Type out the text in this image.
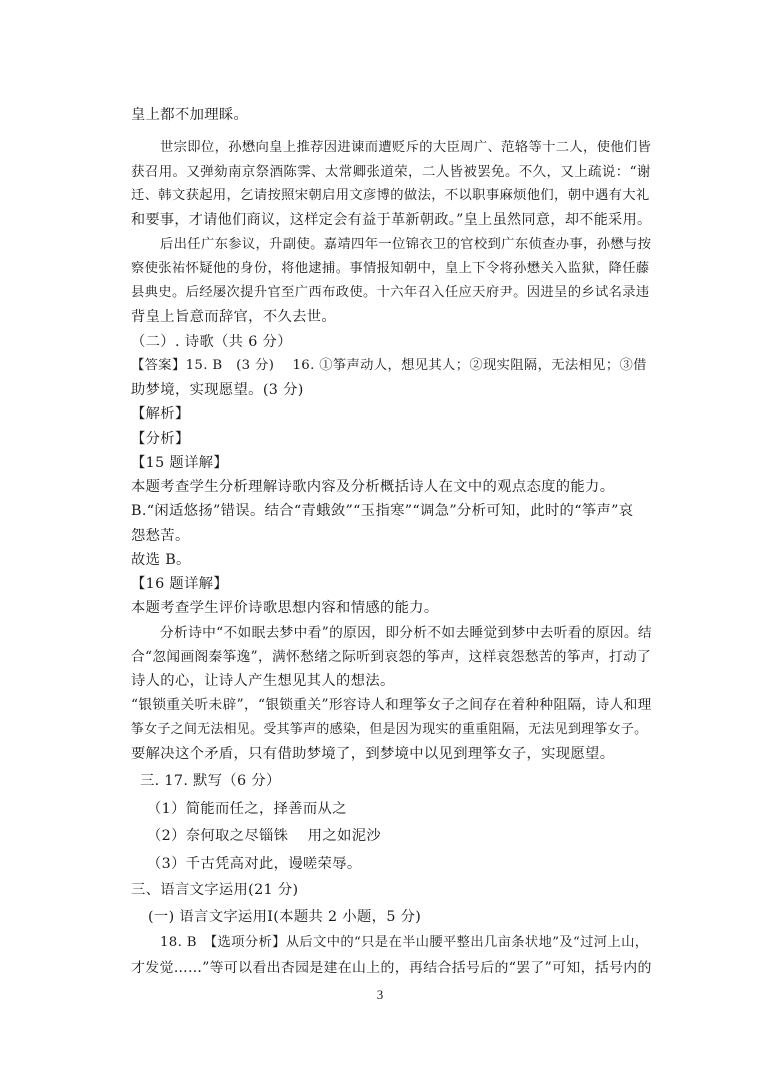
皇上都不加理睬。
世宗即位，孙懋向皇上推荐因进谏而遭贬斥的大臣周广、范辂等十二人，使他们皆
获召用。又弹劾南京祭酒陈霁、太常卿张道荣，二人皆被罢免。不久，又上疏说：“谢
迁、韩文获起用，乞请按照宋朝启用文彦博的做法，不以职事麻烦他们，朝中遇有大礼
和要事，才请他们商议，这样定会有益于革新朝政。”皇上虽然同意，却不能采用。
后出任广东参议，升副使。嘉靖四年一位锦衣卫的官校到广东侦查办事，孙懋与按
察使张祐怀疑他的身份，将他逮捕。事情报知朝中，皇上下令将孙懋关入监狱，降任藤
县典史。后经屡次提升官至广西布政使。十六年召入任应天府尹。因进呈的乡试名录违
背皇上旨意而辞官，不久去世。
（二）. 诗歌（共 6 分）
【答案】15. B　(3 分)　 16. ①筝声动人，想见其人；②现实阻隔，无法相见；③借
助梦境，实现愿望。(3 分)
【解析】
【分析】
【15 题详解】
本题考查学生分析理解诗歌内容及分析概括诗人在文中的观点态度的能力。
B.“闲适悠扬”错误。结合“青蛾敛”“玉指寒”“调急”分析可知，此时的“筝声”哀
怨愁苦。
故选 B。
【16 题详解】
本题考查学生评价诗歌思想内容和情感的能力。
分析诗中“不如眠去梦中看”的原因，即分析不如去睡觉到梦中去听看的原因。结
合“忽闻画阁秦筝逸”，满怀愁绪之际听到哀怨的筝声，这样哀怨愁苦的筝声，打动了
诗人的心，让诗人产生想见其人的想法。
“银锁重关听未辟”，“银锁重关”形容诗人和理筝女子之间存在着种种阻隔，诗人和理
筝女子之间无法相见。受其筝声的感染，但是因为现实的重重阻隔，无法见到理筝女子。
要解决这个矛盾，只有借助梦境了，到梦境中以见到理筝女子，实现愿望。
三. 17. 默写（6 分）
（1）简能而任之，择善而从之
（2）奈何取之尽锱铢　 用之如泥沙
（3）千古凭高对此，谩嗟荣辱。
三、语言文字运用(21 分)
(一) 语言文字运用Ⅰ(本题共 2 小题，5 分)
18. B　【选项分析】从后文中的“只是在半山腰平整出几亩条状地”及“过河上山，
才发觉……”等可以看出杏园是建在山上的，再结合括号后的“罢了”可知，括号内的
3
